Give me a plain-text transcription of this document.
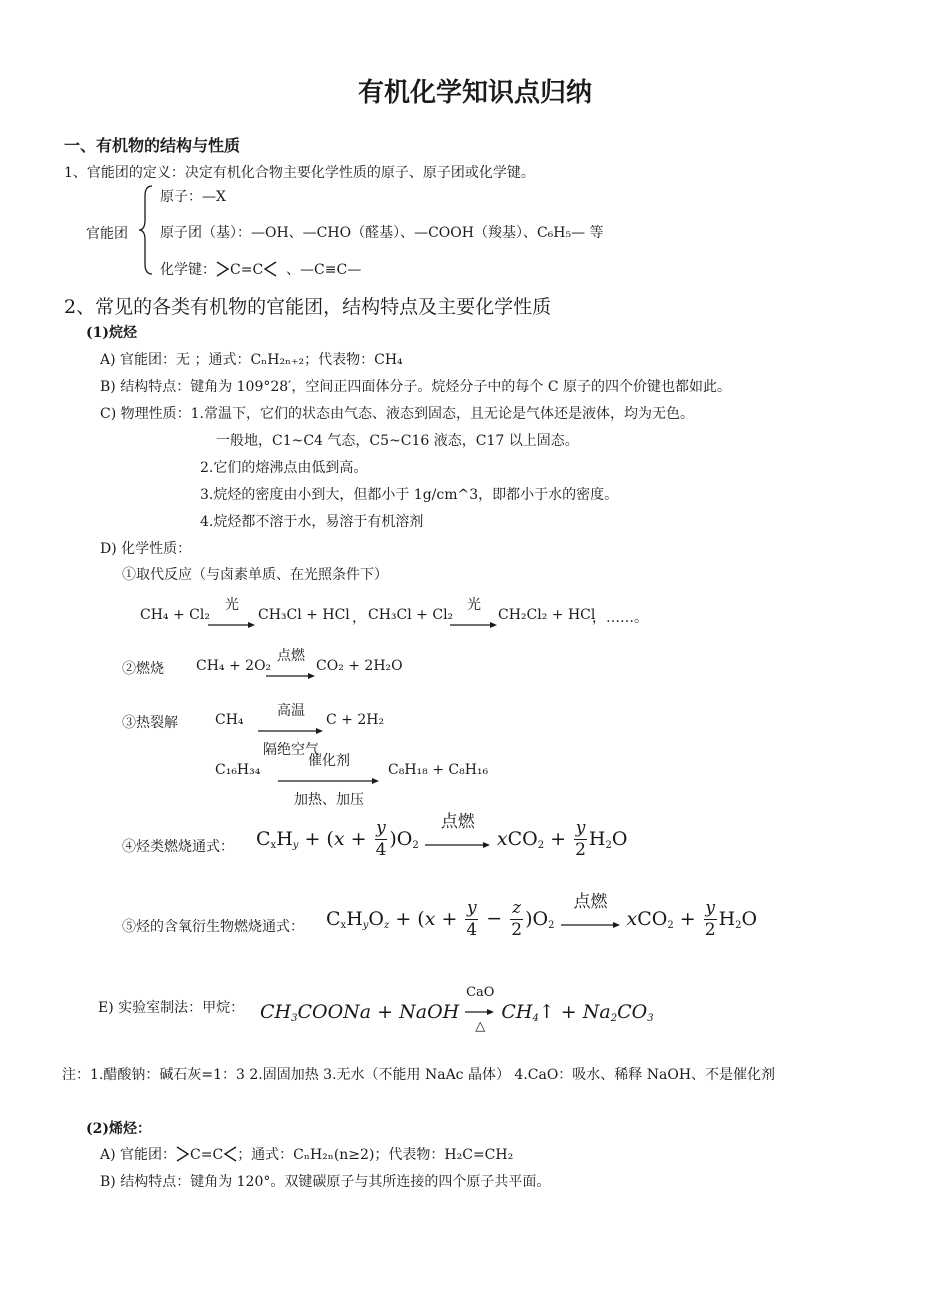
有机化学知识点归纳
一、有机物的结构与性质
1、官能团的定义：决定有机化合物主要化学性质的原子、原子团或化学键。
官能团
原子：—X
原子团（基）：—OH、—CHO（醛基）、—COOH（羧基）、C₆H₅— 等
化学键： C=C 、—C≡C—
2、常见的各类有机物的官能团，结构特点及主要化学性质
(1)烷烃
A) 官能团：无 ；通式：CₙH₂ₙ₊₂；代表物：CH₄
B) 结构特点：键角为 109°28′，空间正四面体分子。烷烃分子中的每个 C 原子的四个价键也都如此。
C) 物理性质：1.常温下，它们的状态由气态、液态到固态，且无论是气体还是液体，均为无色。
一般地，C1~C4 气态，C5~C16 液态，C17 以上固态。
2.它们的熔沸点由低到高。
3.烷烃的密度由小到大，但都小于 1g/cm^3，即都小于水的密度。
4.烷烃都不溶于水，易溶于有机溶剂
D) 化学性质：
①取代反应（与卤素单质、在光照条件下）
CH₄ + Cl₂
光
CH₃Cl + HCl ， CH₃Cl + Cl₂
光
CH₂Cl₂ + HCl
，……。
②燃烧 CH₄ + 2O₂
点燃
CO₂ + 2H₂O
③热裂解	CH₄
高温
隔绝空气
C + 2H₂
C₁₆H₃₄
催化剂
加热、加压
C₈H₁₈ + C₈H₁₆
④烃类燃烧通式： $C_xH_y + (x + \frac{y}{4} )O_2$
点燃
$xCO_2 + \frac{y}{2} H_2O$
⑤烃的含氧衍生物燃烧通式： $C_xH_yO_z + (x + \frac{y}{4} - \frac{z}{2} )O_2$
点燃
$xCO_2 + \frac{y}{2} H_2O$
E) 实验室制法：甲烷： $CH_3COONa$ + NaOH
CaO
△
$CH_4↑ + Na_2CO_3$
注：1.醋酸钠：碱石灰=1：3 2.固固加热 3.无水（不能用 NaAc 晶体） 4.CaO：吸水、稀释 NaOH、不是催化剂
(2)烯烃：
A) 官能团： C=C ；通式：CₙH₂ₙ(n≥2)；代表物：H₂C=CH₂
B) 结构特点：键角为 120°。双键碳原子与其所连接的四个原子共平面。
